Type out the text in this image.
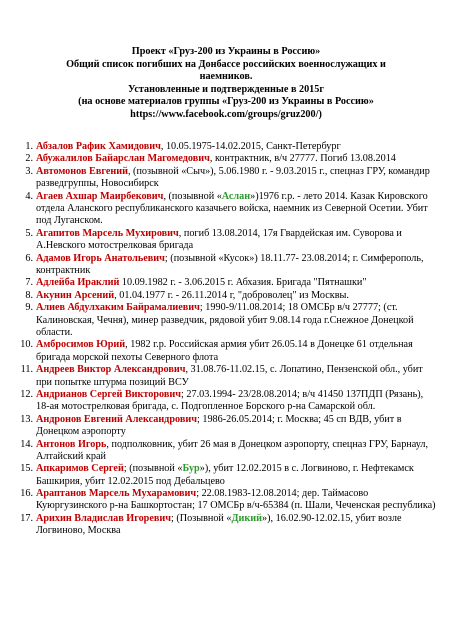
Проект «Груз-200 из Украины в Россию»
Общий список погибших на Донбассе российских военнослужащих и
наемников.
Установленные и подтвержденные в 2015г
(на основе материалов группы «Груз-200 из Украины в Россию»
https://www.facebook.com/groups/gruz200/)
1. Абзалов Рафик Хамидович, 10.05.1975-14.02.2015, Санкт-Петербург
2. Абужалилов Байарслан Магомедович, контрактник, в/ч 27777. Погиб 13.08.2014
3. Автомонов Евгений, (позывной «Сыч»), 5.06.1980 г. - 9.03.2015 г., спецназ ГРУ, командир разведгруппы, Новосибирск
4. Агаев Ахшар Маирбекович, (позывной «Аслан»)1976 г.р. - лето 2014. Казак Кировского отдела Аланского республиканского казачьего войска, наемник из Северной Осетии. Убит под Луганском.
5. Агапитов Марсель Мухирович, погиб 13.08.2014, 17я Гвардейская им. Суворова и А.Невского мотострелковая бригада
6. Адамов Игорь Анатольевич; (позывной «Кусок») 18.11.77- 23.08.2014; г. Симферополь, контрактник
7. Адлейба Ираклий 10.09.1982 г. - 3.06.2015 г. Абхазия. Бригада "Пятнашки"
8. Акунин Арсений, 01.04.1977 г. - 26.11.2014 г, "доброволец" из Москвы.
9. Алиев Абдулхаким Байрамалиевич; 1990-9/11.08.2014; 18 ОМСБр в/ч 27777; (ст. Калиновская, Чечня), минер разведчик, рядовой убит 9.08.14 года г.Снежное Донецкой области.
10. Амбросимов Юрий, 1982 г.р. Российская армия убит 26.05.14 в Донецке 61 отдельная бригада морской пехоты Северного флота
11. Андреев Виктор Александрович, 31.08.76-11.02.15, с. Лопатино, Пензенской обл., убит при попытке штурма позиций ВСУ
12. Андрианов Сергей Викторович; 27.03.1994- 23/28.08.2014; в/ч 41450 137ПДП (Рязань), 18-ая мотострелковая бригада, с. Подгопленное Борского р-на Самарской обл.
13. Андронов Евгений Александрович; 1986-26.05.2014; г. Москва; 45 сп ВДВ, убит в Донецком аэропорту
14. Антонов Игорь, подполковник, убит 26 мая в Донецком аэропорту, спецназ ГРУ, Барнаул, Алтайский край
15. Апкаримов Сергей; (позывной «Бур»), убит 12.02.2015 в с. Логвиново, г. Нефтекамск Башкирия, убит 12.02.2015 под Дебальцево
16. Араптанов Марсель Мухарамович; 22.08.1983-12.08.2014; дер. Таймасово Куюргузинского р-на Башкортостан; 17 ОМСБр в/ч-65384 (п. Шали, Чеченская республика)
17. Арихин Владислав Игоревич; (Позывной «Дикий»), 16.02.90-12.02.15, убит возле Логвиново, Москва
